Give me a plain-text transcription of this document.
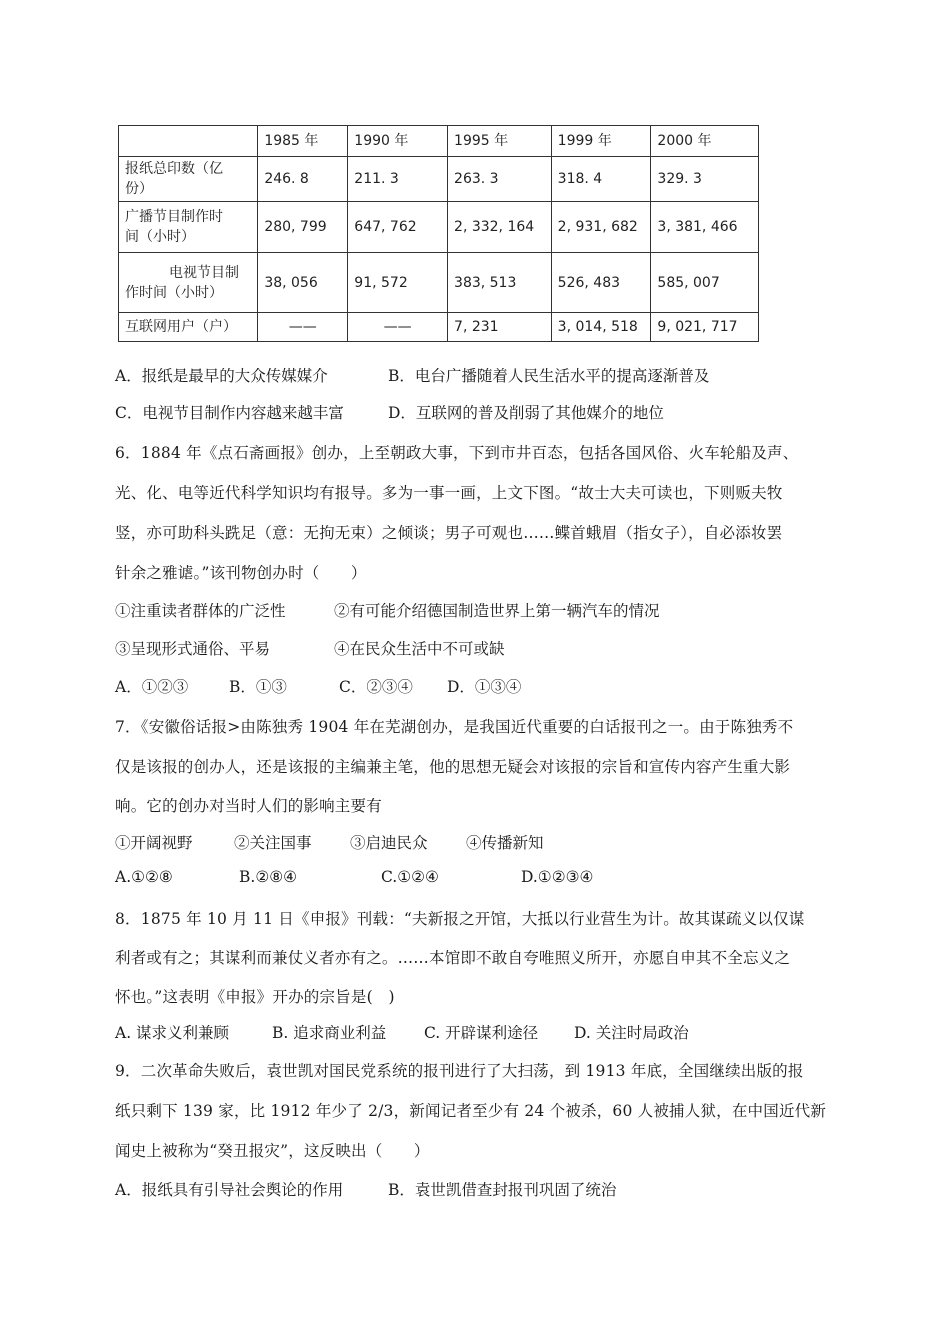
	1985 年	1990 年	1995 年	1999 年	2000 年

报纸总印数（亿
份）	246. 8	211. 3	263. 3	318. 4	329. 3

广播节目制作时
间（小时）	280, 799	647, 762	2, 332, 164	2, 931, 682	3, 381, 466

电视节目制
作时间（小时）	38, 056	91, 572	383, 513	526, 483	585, 007
互联网用户（户）	——	——	7, 231	3, 014, 518	9, 021, 717
A．报纸是最早的大众传媒媒介	B．电台广播随着人民生活水平的提高逐渐普及
C．电视节目制作内容越来越丰富	D．互联网的普及削弱了其他媒介的地位
6．1884 年《点石斋画报》创办，上至朝政大事，下到市井百态，包括各国风俗、火车轮船及声、
光、化、电等近代科学知识均有报导。多为一事一画，上文下图。“故士大夫可读也，下则贩夫牧
竖，亦可助科头跣足（意：无拘无束）之倾谈；男子可观也……鲽首蛾眉（指女子），自必添妆罢
针余之雅谑。”该刊物创办时（　　）
①注重读者群体的广泛性	②有可能介绍德国制造世界上第一辆汽车的情况
③呈现形式通俗、平易	④在民众生活中不可或缺
A．①②③	B．①③	C．②③④ D．①③④
7．《安徽俗话报>由陈独秀 1904 年在芜湖创办，是我国近代重要的白话报刊之一。由于陈独秀不
仅是该报的创办人，还是该报的主编兼主笔，他的思想无疑会对该报的宗旨和宣传内容产生重大影
响。它的创办对当时人们的影响主要有
①开阔视野	②关注国事 ③启迪民众 ④传播新知
A.①②⑧	B.②⑧④	C.①②④	D.①②③④
8．1875 年 10 月 11 日《申报》刊载：“夫新报之开馆，大抵以行业营生为计。故其谋疏义以仅谋
利者或有之；其谋利而兼仗义者亦有之。……本馆即不敢自夸唯照义所开，亦愿自申其不全忘义之
怀也。”这表明《申报》开办的宗旨是(　)
A. 谋求义利兼顾	B. 追求商业利益 C. 开辟谋利途径 D. 关注时局政治
9．二次革命失败后，袁世凯对国民党系统的报刊进行了大扫荡，到 1913 年底，全国继续出版的报
纸只剩下 139 家，比 1912 年少了 2/3，新闻记者至少有 24 个被杀，60 人被捕人狱，在中国近代新
闻史上被称为“癸丑报灾”，这反映出（　　）
A．报纸具有引导社会舆论的作用	B．袁世凯借查封报刊巩固了统治
